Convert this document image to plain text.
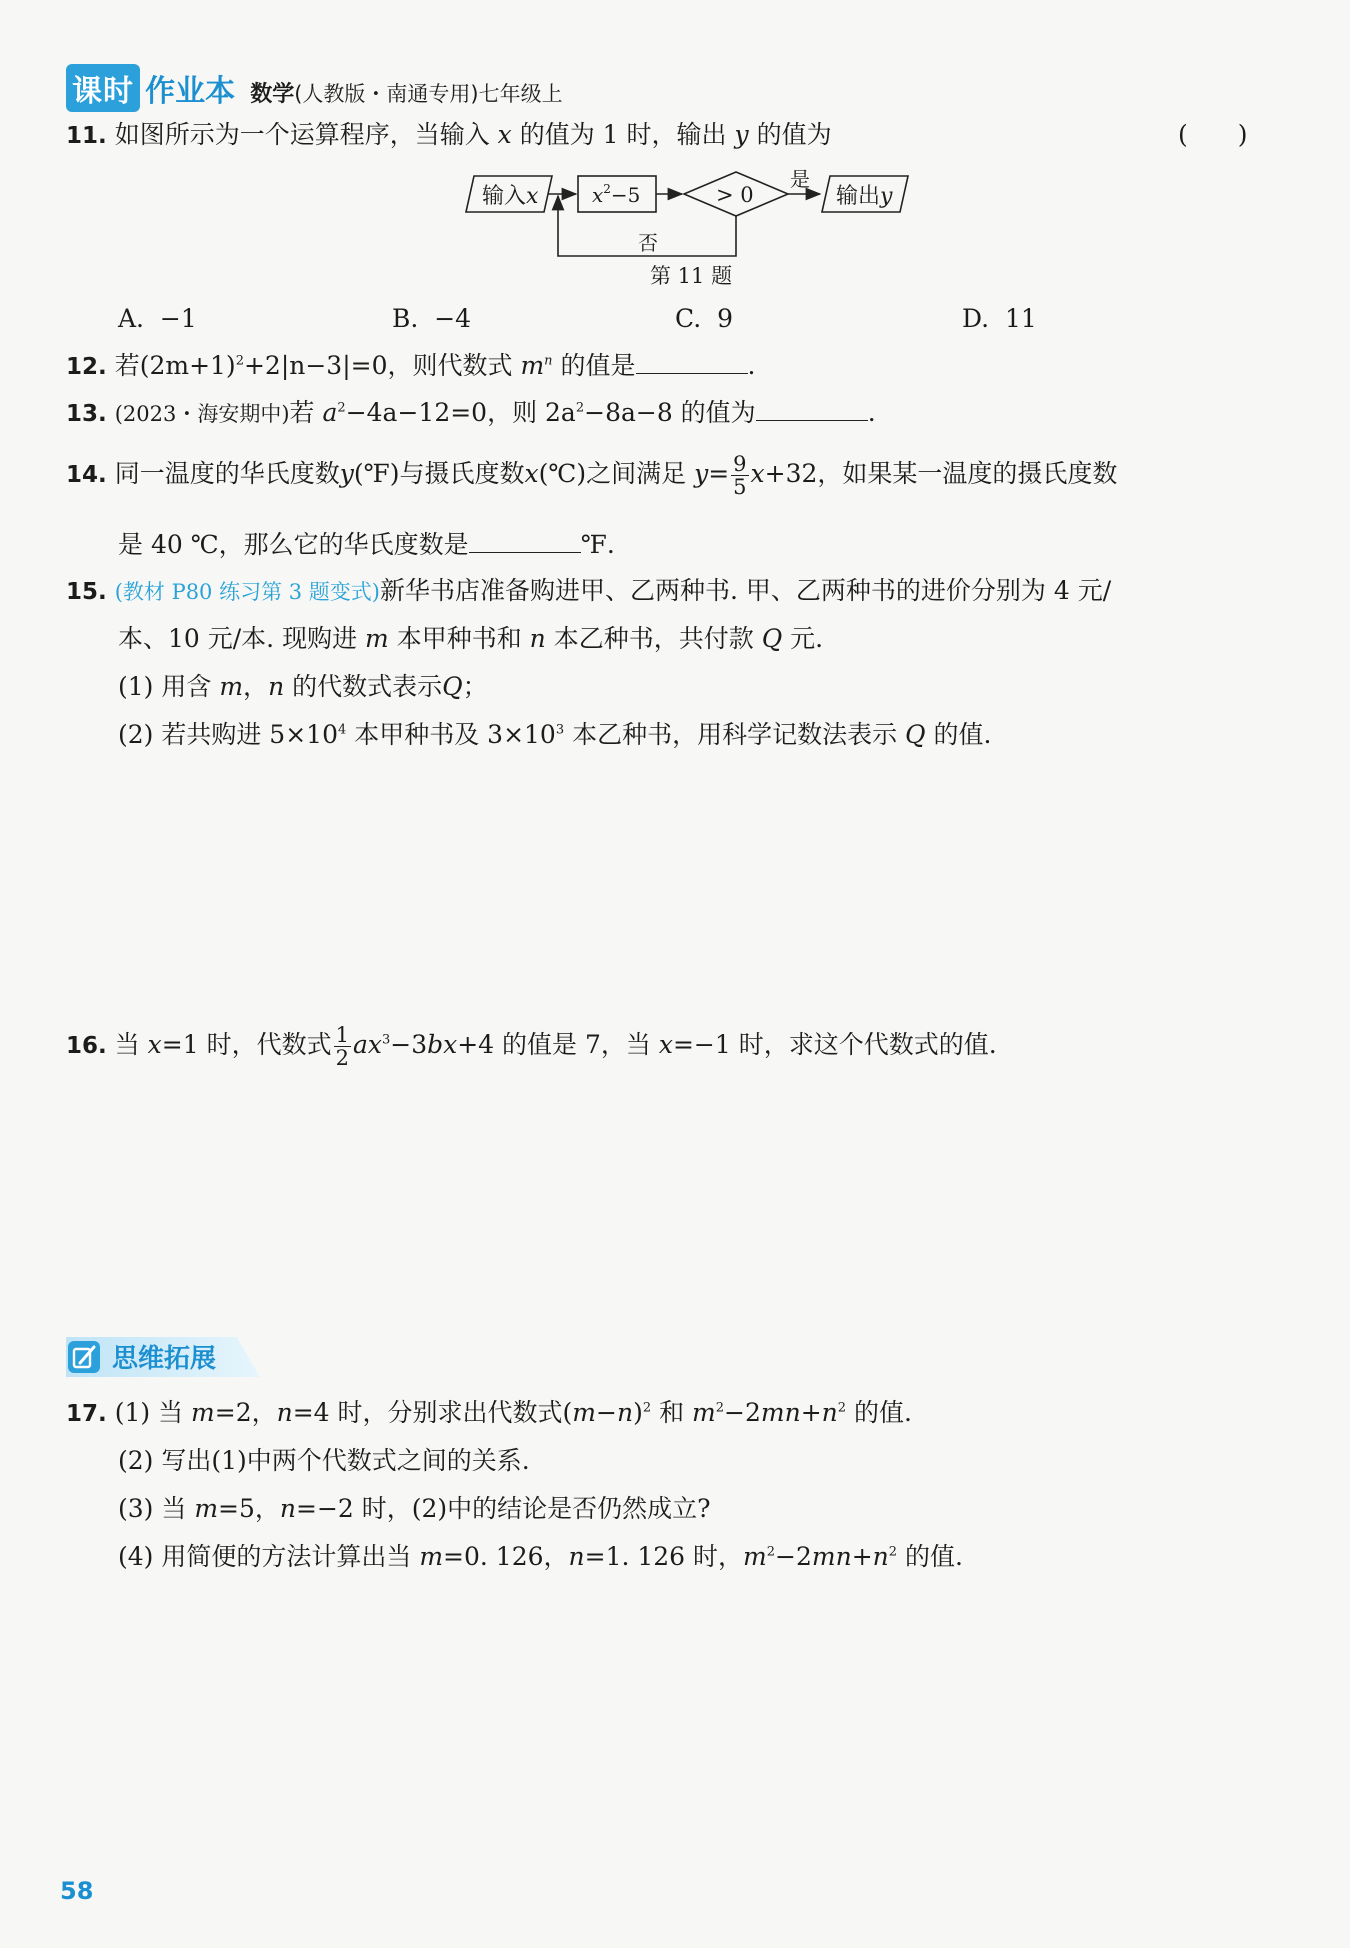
课时 作业本 数学(人教版・南通专用)七年级上
11. 如图所示为一个运算程序，当输入 x 的值为 1 时，输出 y 的值为	(　　)
输入x	$x^2-5$	> 0
是
输出y
否
第 11 题
A. −1	B. −4	C. 9	D. 11
12. 若$(2m+1)^2+2|n-3|=0$，则代数式 $m^n$ 的值是	.
13. (2023・海安期中)若 $a^2-4a-12=0$，则 $2a^2-8a-8$ 的值为	.
14. 同一温度的华氏度数y(℉)与摄氏度数x(℃)之间满足 $y= \frac{9}{5} x+32$，如果某一温度的摄氏度数
是 40 ℃，那么它的华氏度数是	℉.
15. (教材 P80 练习第 3 题变式)新华书店准备购进甲、乙两种书. 甲、乙两种书的进价分别为 4 元/
本、10 元/本. 现购进 m 本甲种书和 n 本乙种书，共付款 Q 元.
(1) 用含 m，n 的代数式表示Q；
(2) 若共购进 $5\times 10^4$ 本甲种书及 $3\times 10^3$ 本乙种书，用科学记数法表示 Q 的值.
16. 当 x=1 时，代数式 $\frac{1}{2} ax^3-3bx+4$ 的值是 7，当 x=−1 时，求这个代数式的值.
思维拓展
17. (1) 当 m=2，n=4 时，分别求出代数式$(m-n)^2$ 和 $m^2-2mn+n^2$ 的值.
(2) 写出(1)中两个代数式之间的关系.
(3) 当 m=5，n=−2 时，(2)中的结论是否仍然成立?
(4) 用简便的方法计算出当 m=0. 126，n=1. 126 时，$m^2-2mn+n^2$ 的值.
58
